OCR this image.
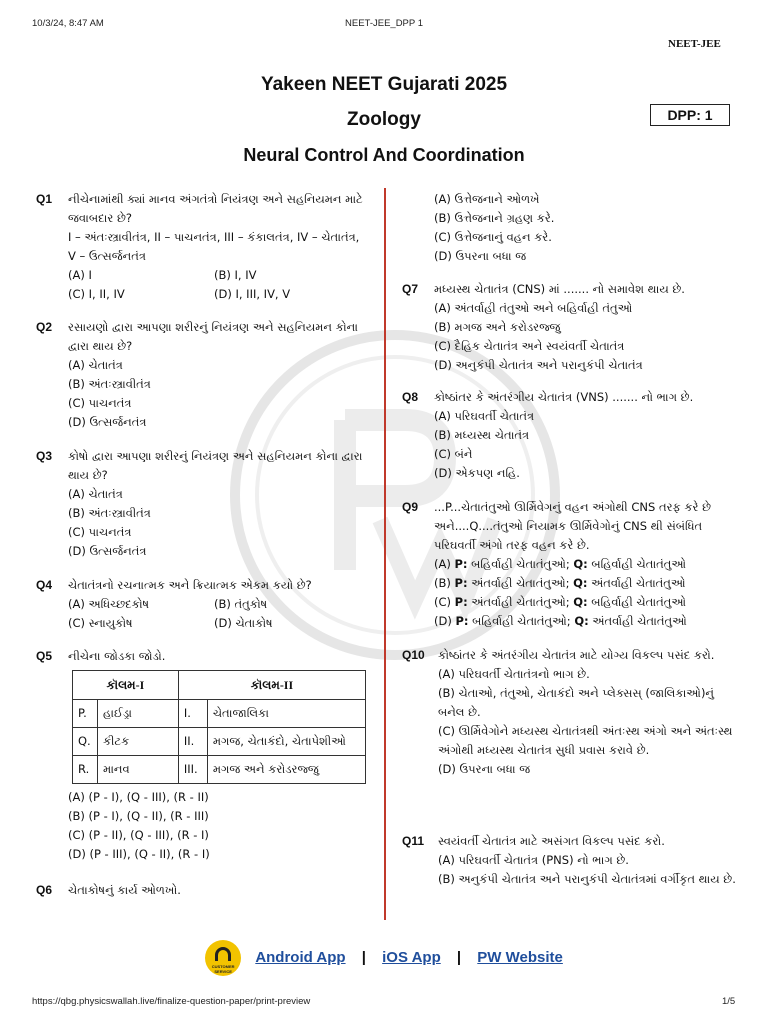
10/3/24, 8:47 AM	NEET-JEE_DPP 1
NEET-JEE
Yakeen NEET Gujarati 2025
Zoology
Neural Control And Coordination
DPP: 1
Q1 નીચેનામાંથી ક્યાં માનવ અંગતંત્રો નિયંત્રણ અને સહનિયમન માટે જવાબદાર છે?
I – અંતઃસ્ત્રાવીતંત્ર, II – પાચનતંત્ર, III – કંકાલતંત્ર, IV – ચેતાતંત્ર, V – ઉત્સર્જનતંત્ર
(A) I	(B) I, IV
(C) I, II, IV	(D) I, III, IV, V
Q2 રસાયણો દ્વારા આપણા શરીરનું નિયંત્રણ અને સહનિયમન કોના દ્વારા થાય છે?
(A) ચેતાતંત્ર
(B) અંતઃસ્ત્રાવીતંત્ર
(C) પાચનતંત્ર
(D) ઉત્સર્જનતંત્ર
Q3 કોષો દ્વારા આપણા શરીરનું નિયંત્રણ અને સહનિયમન કોના દ્વારા થાય છે?
(A) ચેતાતંત્ર
(B) અંતઃસ્ત્રાવીતંત્ર
(C) પાચનતંત્ર
(D) ઉત્સર્જનતંત્ર
Q4 ચેતાતંત્રનો રચનાત્મક અને ક્રિયાત્મક એકમ કયો છે?
(A) અધિચ્છદકોષ	(B) તંતુકોષ
(C) સ્નાયુકોષ	(D) ચેતાકોષ
Q5 નીચેના જોડકા જોડો.
કૉલમ-I		કૉલમ-II	
P.	હાઈડ્રા	I.	ચેતાજાલિકા
Q.	કીટક	II.	મગજ, ચેતાકંદો, ચેતાપેશીઓ
R.	માનવ	III.	મગજ અને કરોડરજ્જુ
(A) (P - I), (Q - III), (R - II)
(B) (P - I), (Q - II), (R - III)
(C) (P - II), (Q - III), (R - I)
(D) (P - III), (Q - II), (R - I)
Q6 ચેતાકોષનું કાર્ય ઓળખો.
(A) ઉત્તેજનાને ઓળખે
(B) ઉત્તેજનાને ગ્રહણ કરે.
(C) ઉત્તેજનાનું વહન કરે.
(D) ઉપરના બધા જ
Q7 મધ્યસ્થ ચેતાતંત્ર (CNS) માં ....... નો સમાવેશ થાય છે.
(A) અંતર્વાહી તંતુઓ અને બહિર્વાહી તંતુઓ
(B) મગજ અને કરોડરજ્જુ
(C) દૈહિક ચેતાતંત્ર અને સ્વયંવર્તી ચેતાતંત્ર
(D) અનુકંપી ચેતાતંત્ર અને પરાનુકંપી ચેતાતંત્ર
Q8 કોષ્ઠાંતર કે અંતરંગીય ચેતાતંત્ર (VNS) ....... નો ભાગ છે.
(A) પરિઘવર્તી ચેતાતંત્ર
(B) મધ્યસ્થ ચેતાતંત્ર
(C) બંને
(D) એકપણ નહિ.
Q9 ...P...ચેતાતંતુઓ ઊર્મિવેગનું વહન અંગોથી CNS તરફ કરે છે અને....Q....તંતુઓ નિયામક ઊર્મિવેગોનું CNS થી સંબંધિત પરિઘવર્તી અંગો તરફ વહન કરે છે.
(A) P: બહિર્વાહી ચેતાતંતુઓ; Q: બહિર્વાહી ચેતાતંતુઓ
(B) P: અંતર્વાહી ચેતાતંતુઓ; Q: અંતર્વાહી ચેતાતંતુઓ
(C) P: અંતર્વાહી ચેતાતંતુઓ; Q: બહિર્વાહી ચેતાતંતુઓ
(D) P: બહિર્વાહી ચેતાતંતુઓ; Q: અંતર્વાહી ચેતાતંતુઓ
Q10 કોષ્ઠાંતર કે અંતરંગીય ચેતાતંત્ર માટે યોગ્ય વિકલ્પ પસંદ કરો.
(A) પરિઘવર્તી ચેતાતંત્રનો ભાગ છે.
(B) ચેતાઓ, તંતુઓ, ચેતાકંદો અને પ્લેક્સસ્ (જાલિકાઓ)નું બનેલ છે.
(C) ઊર્મિવેગોને મધ્યસ્થ ચેતાતંત્રથી અંતઃસ્થ અંગો અને અંતઃસ્થ અંગોથી મધ્યસ્થ ચેતાતંત્ર સુધી પ્રવાસ કરાવે છે.
(D) ઉપરના બધા જ
Q11 સ્વયંવર્તી ચેતાતંત્ર માટે અસંગત વિકલ્પ પસંદ કરો.
(A) પરિઘવર્તી ચેતાતંત્ર (PNS) નો ભાગ છે.
(B) અનુકંપી ચેતાતંત્ર અને પરાનુકંપી ચેતાતંત્રમાં વર્ગીકૃત થાય છે.
CUSTOMER SERVICE
Android App | iOS App | PW Website
https://qbg.physicswallah.live/finalize-question-paper/print-preview	1/5
